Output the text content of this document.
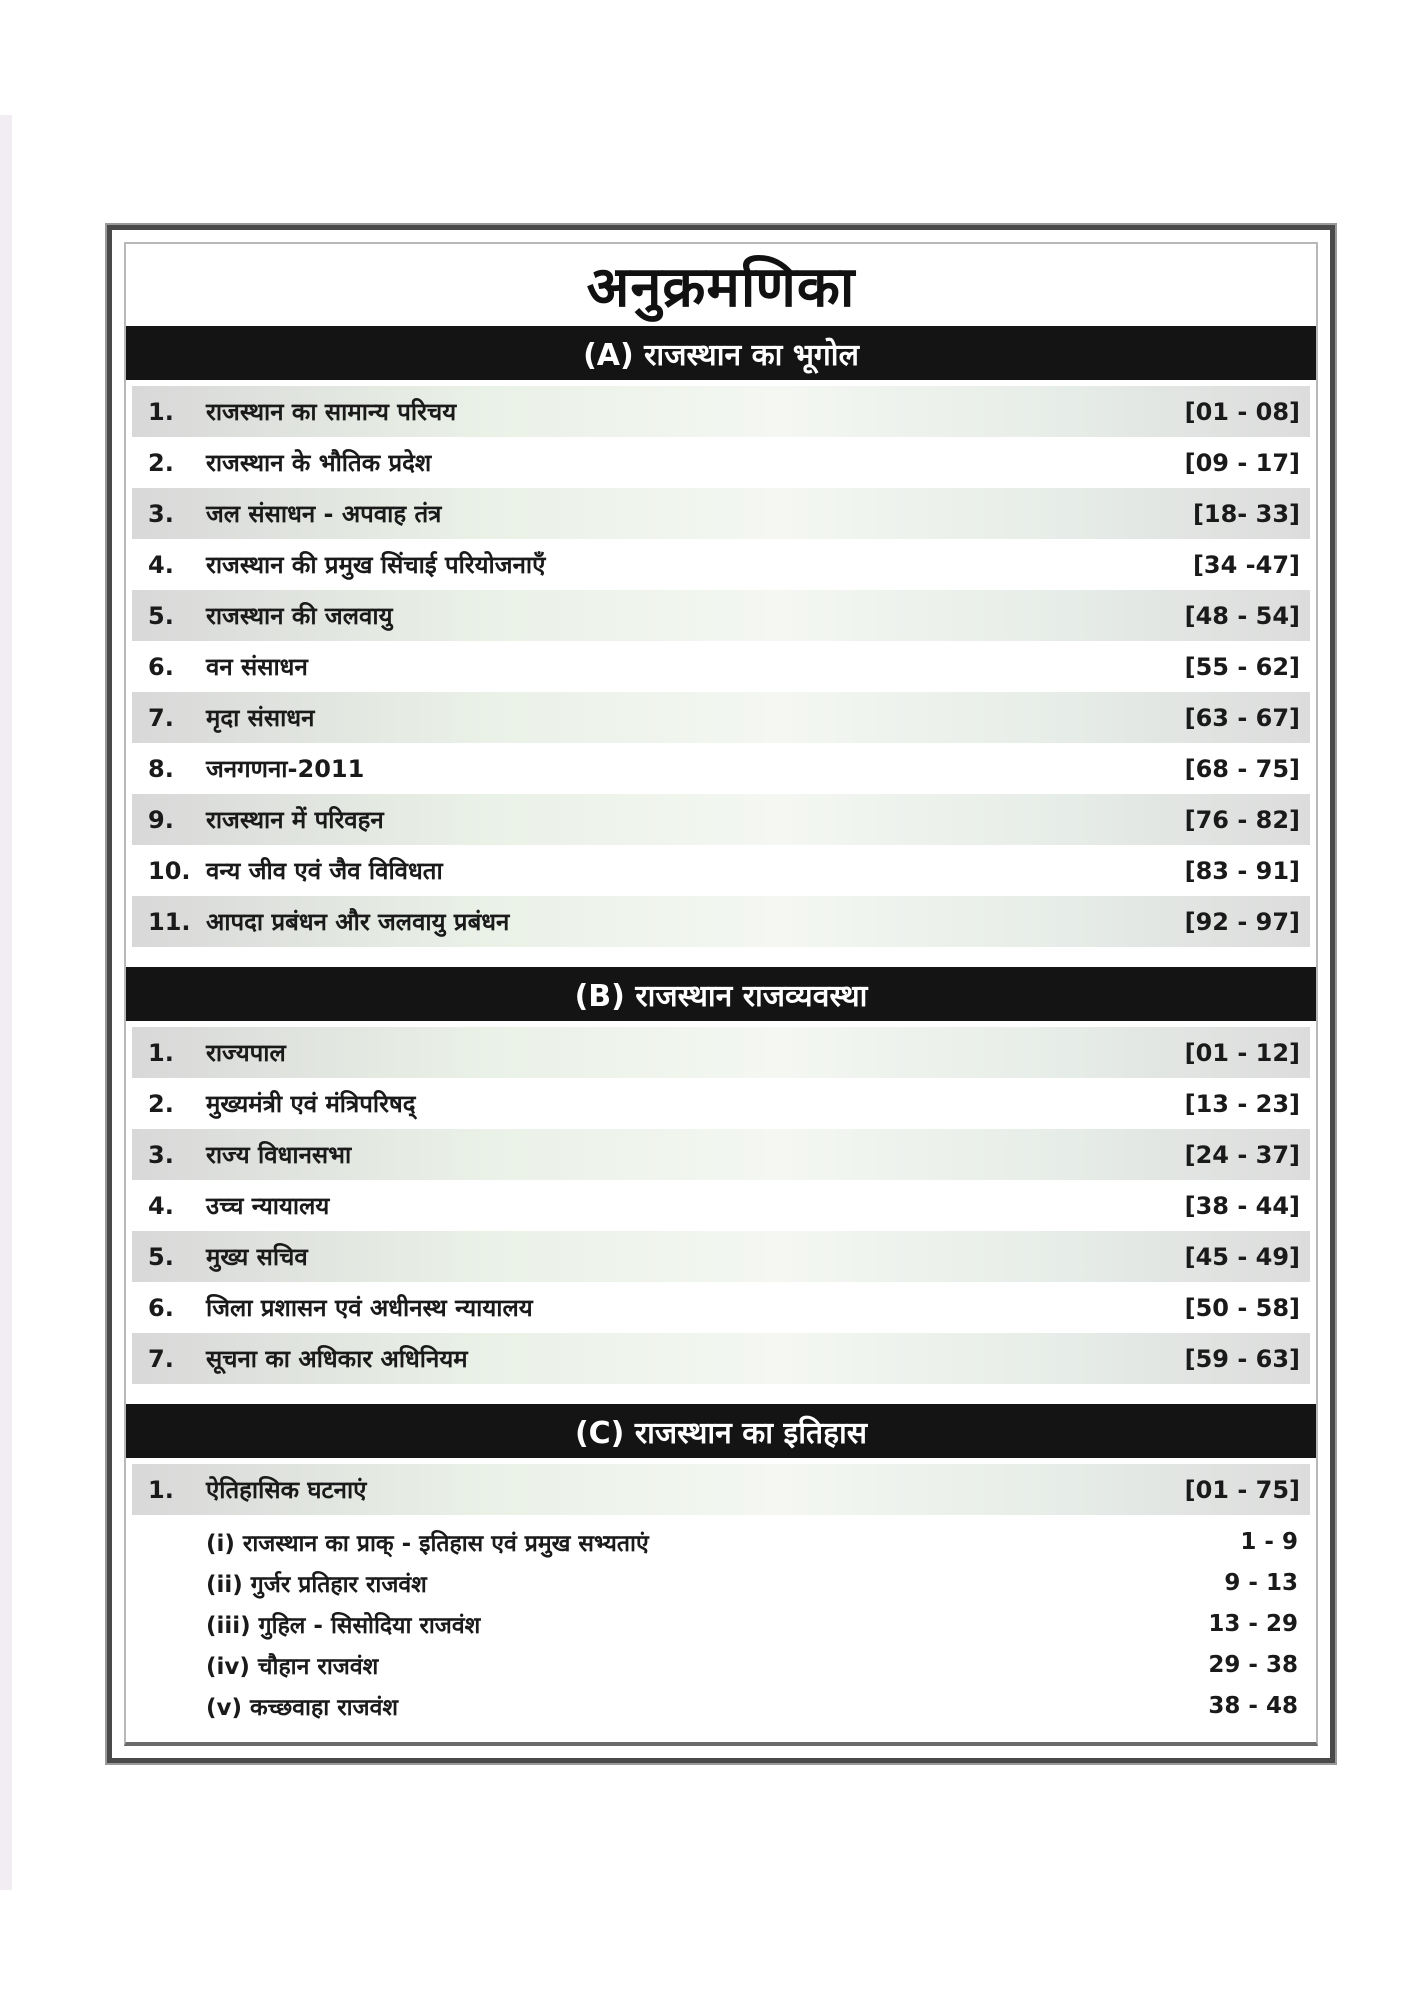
अनुक्रमणिका
(A) राजस्थान का भूगोल
1.	राजस्थान का सामान्य परिचय	[01 - 08]
2.	राजस्थान के भौतिक प्रदेश	[09 - 17]
3.	जल संसाधन - अपवाह तंत्र	[18- 33]
4.	राजस्थान की प्रमुख सिंचाई परियोजनाएँ	[34 -47]
5.	राजस्थान की जलवायु	[48 - 54]
6.	वन संसाधन	[55 - 62]
7.	मृदा संसाधन	[63 - 67]
8.	जनगणना-2011	[68 - 75]
9.	राजस्थान में परिवहन	[76 - 82]
10. वन्य जीव एवं जैव विविधता	[83 - 91]
11. आपदा प्रबंधन और जलवायु प्रबंधन	[92 - 97]
(B) राजस्थान राजव्यवस्था
1.	राज्यपाल	[01 - 12]
2.	मुख्यमंत्री एवं मंत्रिपरिषद्	[13 - 23]
3.	राज्य विधानसभा	[24 - 37]
4.	उच्च न्यायालय	[38 - 44]
5.	मुख्य सचिव	[45 - 49]
6.	जिला प्रशासन एवं अधीनस्थ न्यायालय	[50 - 58]
7.	सूचना का अधिकार अधिनियम	[59 - 63]
(C) राजस्थान का इतिहास
1.	ऐतिहासिक घटनाएं	[01 - 75]
(i) राजस्थान का प्राक् - इतिहास एवं प्रमुख सभ्यताएं	1 - 9
(ii) गुर्जर प्रतिहार राजवंश	9 - 13
(iii) गुहिल - सिसोदिया राजवंश	13 - 29
(iv) चौहान राजवंश	29 - 38
(v) कच्छवाहा राजवंश	38 - 48
